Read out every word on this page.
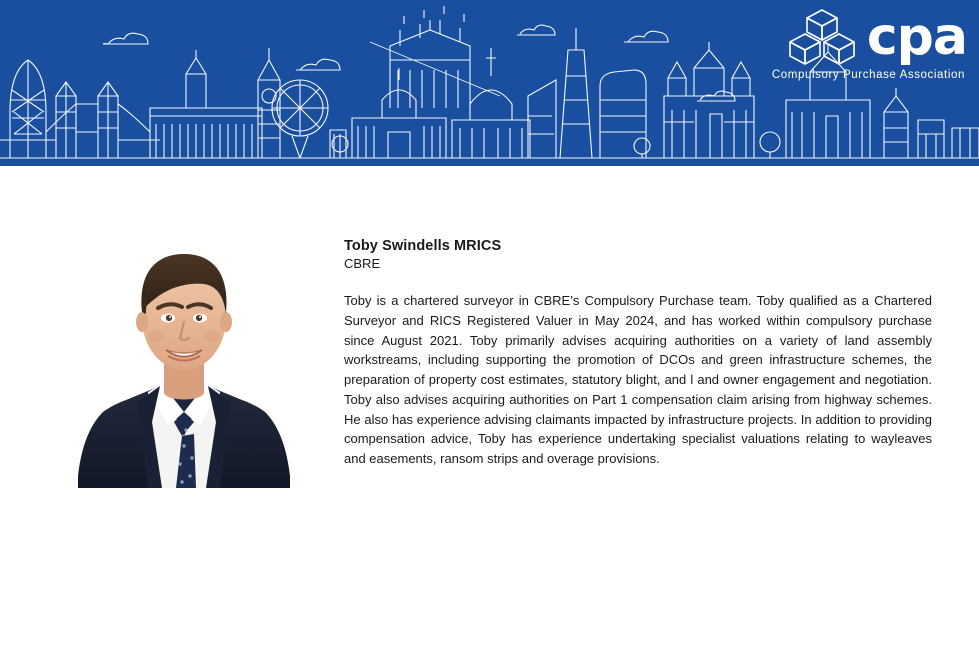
cpa
Compulsory Purchase Association
Toby Swindells MRICS
CBRE

Toby is a chartered surveyor in CBRE’s Compulsory Purchase team. Toby qualified as a Chartered Surveyor and RICS Registered Valuer in May 2024, and has worked within compulsory purchase since August 2021. Toby primarily advises acquiring authorities on a variety of land assembly workstreams, including supporting the promotion of DCOs and green infrastructure schemes, the preparation of property cost estimates, statutory blight, and l and owner engagement and negotiation. Toby also advises acquiring authorities on Part 1 compensation claim arising from highway schemes. He also has experience advising claimants impacted by infrastructure projects. In addition to providing compensation advice, Toby has experience undertaking specialist valuations relating to wayleaves and easements, ransom strips and overage provisions.
